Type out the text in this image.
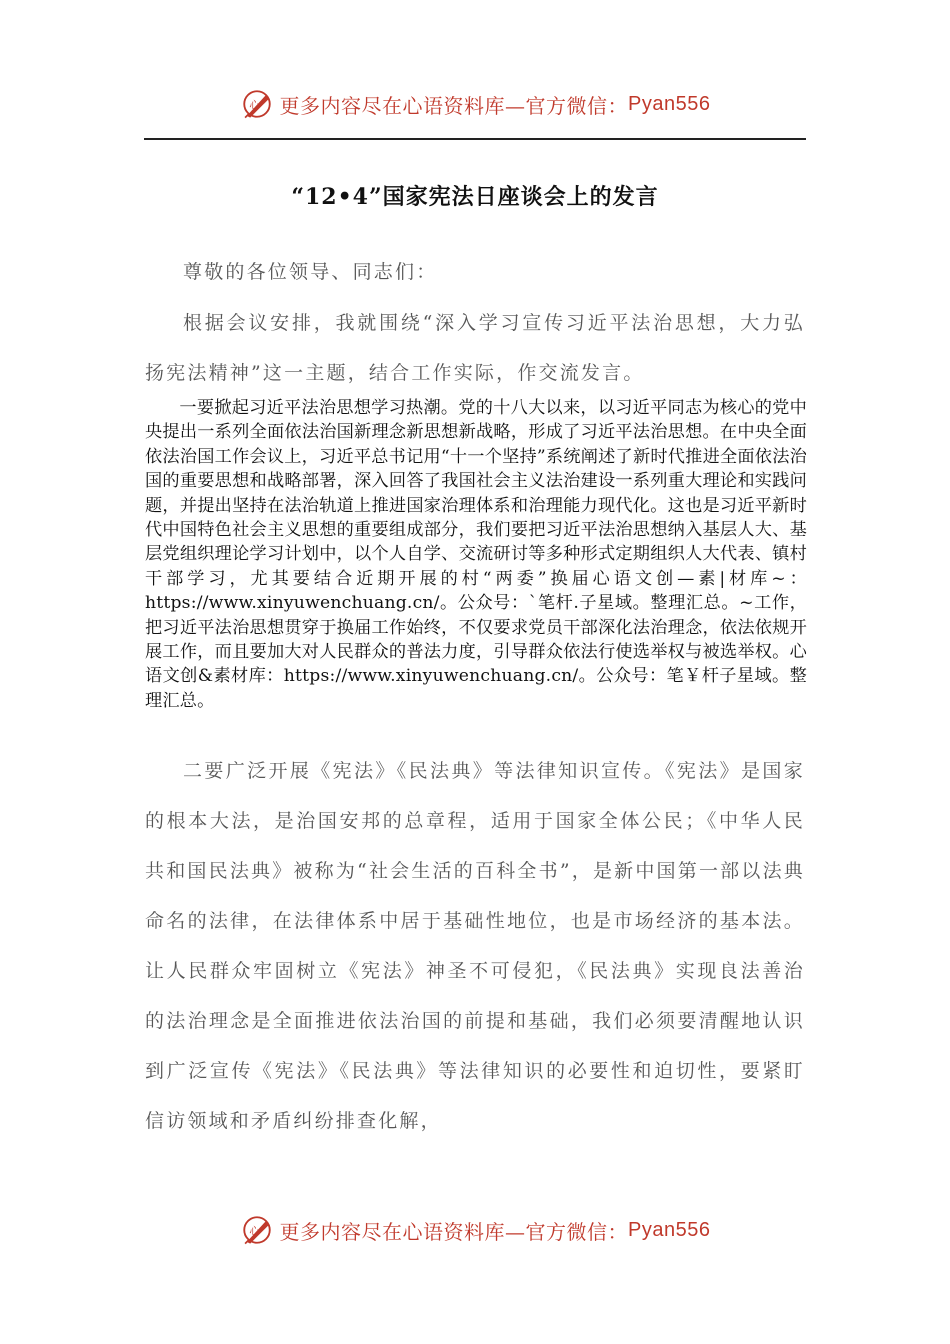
心 更多内容尽在心语资料库—官方微信： Pyan556
“12•4”国家宪法日座谈会上的发言
尊敬的各位领导、同志们：
根据会议安排，我就围绕“深入学习宣传习近平法治思想，大力弘扬宪法精神”这一主题，结合工作实际，作交流发言。
一要掀起习近平法治思想学习热潮。党的十八大以来，以习近平同志为核心的党中央提出一系列全面依法治国新理念新思想新战略，形成了习近平法治思想。在中央全面依法治国工作会议上，习近平总书记用“十一个坚持”系统阐述了新时代推进全面依法治国的重要思想和战略部署，深入回答了我国社会主义法治建设一系列重大理论和实践问题，并提出坚持在法治轨道上推进国家治理体系和治理能力现代化。这也是习近平新时代中国特色社会主义思想的重要组成部分，我们要把习近平法治思想纳入基层人大、基层党组织理论学习计划中，以个人自学、交流研讨等多种形式定期组织人大代表、镇村干部学习，尤其要结合近期开展的村“两委”换届心语文创—素|材库~：https://www.xinyuwenchuang.cn/。公众号：`笔杆.子星域。整理汇总。~工作，把习近平法治思想贯穿于换届工作始终，不仅要求党员干部深化法治理念，依法依规开展工作，而且要加大对人民群众的普法力度，引导群众依法行使选举权与被选举权。心语文创&素材库：https://www.xinyuwenchuang.cn/。公众号：笔￥杆子星域。整理汇总。
二要广泛开展《宪法》《民法典》等法律知识宣传。《宪法》是国家的根本大法，是治国安邦的总章程，适用于国家全体公民；《中华人民共和国民法典》被称为“社会生活的百科全书”，是新中国第一部以法典命名的法律，在法律体系中居于基础性地位，也是市场经济的基本法。让人民群众牢固树立《宪法》神圣不可侵犯，《民法典》实现良法善治的法治理念是全面推进依法治国的前提和基础，我们必须要清醒地认识到广泛宣传《宪法》《民法典》等法律知识的必要性和迫切性，要紧盯信访领域和矛盾纠纷排查化解，
心 更多内容尽在心语资料库—官方微信： Pyan556
